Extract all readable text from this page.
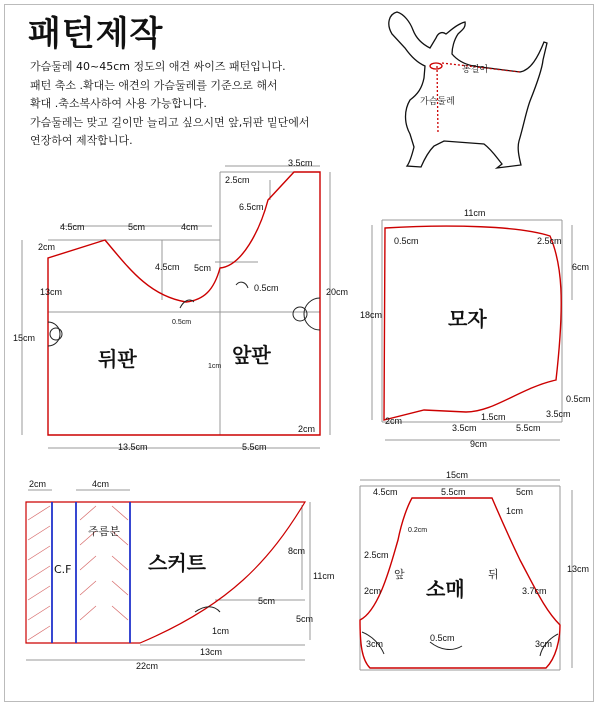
패턴제작
가슴둘레 40~45cm 정도의 애견 싸이즈 패턴입니다.
패턴 축소 .확대는 애견의 가슴둘레를 기준으로 해서
확대 .축소복사하여 사용 가능합니다.
가슴둘레는 맞고 길이만 늘리고 싶으시면 앞,뒤판 밑단에서
연장하여 제작합니다.
동길이
가슴둘레
뒤판	앞판
3.5cm
2.5cm
6.5cm
4.5cm	5cm	4cm
2cm
4.5cm 5cm
13cm	0.5cm
0.5cm
20cm
15cm
1cm
2cm
13.5cm	5.5cm
모자
11cm
0.5cm	2.5cm
6cm
18cm
0.5cm
2cm	1.5cm	3.5cm
3.5cm	5.5cm
9cm
스커트
C.F
주름분
2cm	4cm
8cm
11cm
5cm
5cm
1cm
13cm
22cm
소매
앞	뒤
15cm
4.5cm	5.5cm	5cm
1cm
0.2cm
2.5cm
13cm
2cm	3.7cm
3cm
0.5cm
3cm
